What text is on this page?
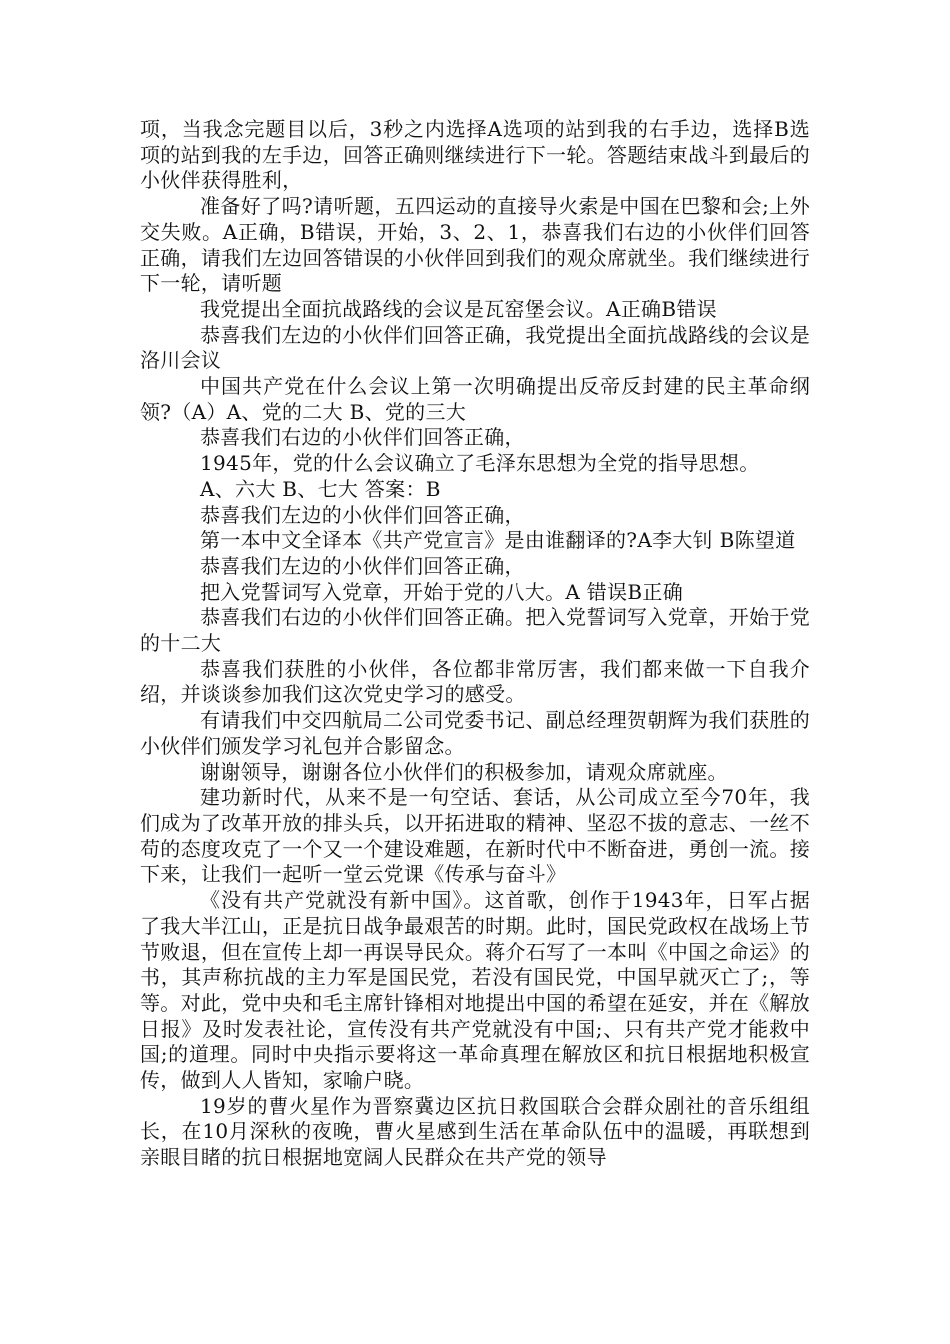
项，当我念完题目以后，3秒之内选择A选项的站到我的右手边，选择B选项的站到我的左手边，回答正确则继续进行下一轮。答题结束战斗到最后的小伙伴获得胜利，

准备好了吗?请听题，五四运动的直接导火索是中国在巴黎和会;上外交失败。A正确，B错误，开始，3、2、1，恭喜我们右边的小伙伴们回答正确，请我们左边回答错误的小伙伴回到我们的观众席就坐。我们继续进行下一轮，请听题

我党提出全面抗战路线的会议是瓦窑堡会议。A正确B错误

恭喜我们左边的小伙伴们回答正确，我党提出全面抗战路线的会议是洛川会议

中国共产党在什么会议上第一次明确提出反帝反封建的民主革命纲领?（A）A、党的二大 B、党的三大

恭喜我们右边的小伙伴们回答正确，

1945年，党的什么会议确立了毛泽东思想为全党的指导思想。

A、六大 B、七大 答案：B

恭喜我们左边的小伙伴们回答正确，

第一本中文全译本《共产党宣言》是由谁翻译的?A李大钊 B陈望道

恭喜我们左边的小伙伴们回答正确，

把入党誓词写入党章，开始于党的八大。A 错误B正确

恭喜我们右边的小伙伴们回答正确。把入党誓词写入党章，开始于党的十二大

恭喜我们获胜的小伙伴，各位都非常厉害，我们都来做一下自我介绍，并谈谈参加我们这次党史学习的感受。

有请我们中交四航局二公司党委书记、副总经理贺朝辉为我们获胜的小伙伴们颁发学习礼包并合影留念。

谢谢领导，谢谢各位小伙伴们的积极参加，请观众席就座。

建功新时代，从来不是一句空话、套话，从公司成立至今70年，我们成为了改革开放的排头兵，以开拓进取的精神、坚忍不拔的意志、一丝不苟的态度攻克了一个又一个建设难题，在新时代中不断奋进，勇创一流。接下来，让我们一起听一堂云党课《传承与奋斗》

《没有共产党就没有新中国》。这首歌，创作于1943年，日军占据了我大半江山，正是抗日战争最艰苦的时期。此时，国民党政权在战场上节节败退，但在宣传上却一再误导民众。蒋介石写了一本叫《中国之命运》的书，其声称抗战的主力军是国民党，若没有国民党，中国早就灭亡了;，等等。对此，党中央和毛主席针锋相对地提出中国的希望在延安，并在《解放日报》及时发表社论，宣传没有共产党就没有中国;、只有共产党才能救中国;的道理。同时中央指示要将这一革命真理在解放区和抗日根据地积极宣传，做到人人皆知，家喻户晓。

19岁的曹火星作为晋察冀边区抗日救国联合会群众剧社的音乐组组长，在10月深秋的夜晚，曹火星感到生活在革命队伍中的温暖，再联想到亲眼目睹的抗日根据地宽阔人民群众在共产党的领导
